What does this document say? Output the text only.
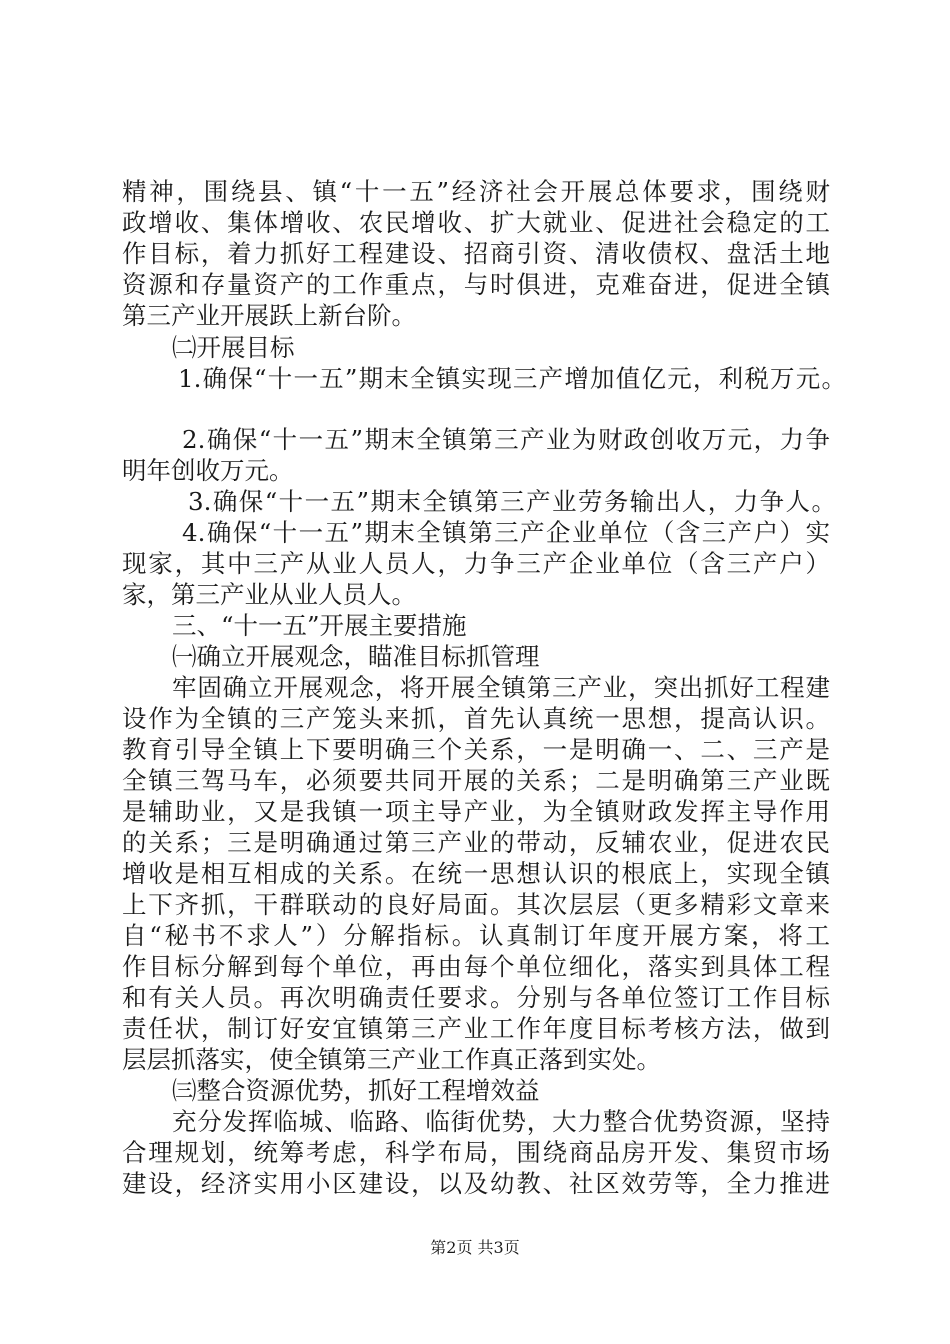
精神，围绕县、镇“十一五”经济社会开展总体要求，围绕财
政增收、集体增收、农民增收、扩大就业、促进社会稳定的工
作目标，着力抓好工程建设、招商引资、清收债权、盘活土地
资源和存量资产的工作重点，与时俱进，克难奋进，促进全镇
第三产业开展跃上新台阶。
㈡开展目标
1.确保“十一五”期末全镇实现三产增加值亿元，利税万元。
2.确保“十一五”期末全镇第三产业为财政创收万元，力争
明年创收万元。
3.确保“十一五”期末全镇第三产业劳务输出人，力争人。
4.确保“十一五”期末全镇第三产企业单位（含三产户）实
现家，其中三产从业人员人，力争三产企业单位（含三产户）
家，第三产业从业人员人。
三、“十一五”开展主要措施
㈠确立开展观念，瞄准目标抓管理
牢固确立开展观念，将开展全镇第三产业，突出抓好工程建
设作为全镇的三产笼头来抓，首先认真统一思想，提高认识。
教育引导全镇上下要明确三个关系，一是明确一、二、三产是
全镇三驾马车，必须要共同开展的关系；二是明确第三产业既
是辅助业，又是我镇一项主导产业，为全镇财政发挥主导作用
的关系；三是明确通过第三产业的带动，反辅农业，促进农民
增收是相互相成的关系。在统一思想认识的根底上，实现全镇
上下齐抓，干群联动的良好局面。其次层层（更多精彩文章来
自“秘书不求人”）分解指标。认真制订年度开展方案，将工
作目标分解到每个单位，再由每个单位细化，落实到具体工程
和有关人员。再次明确责任要求。分别与各单位签订工作目标
责任状，制订好安宜镇第三产业工作年度目标考核方法，做到
层层抓落实，使全镇第三产业工作真正落到实处。
㈢整合资源优势，抓好工程增效益
充分发挥临城、临路、临街优势，大力整合优势资源，坚持
合理规划，统筹考虑，科学布局，围绕商品房开发、集贸市场
建设，经济实用小区建设，以及幼教、社区效劳等，全力推进
第2页 共3页
